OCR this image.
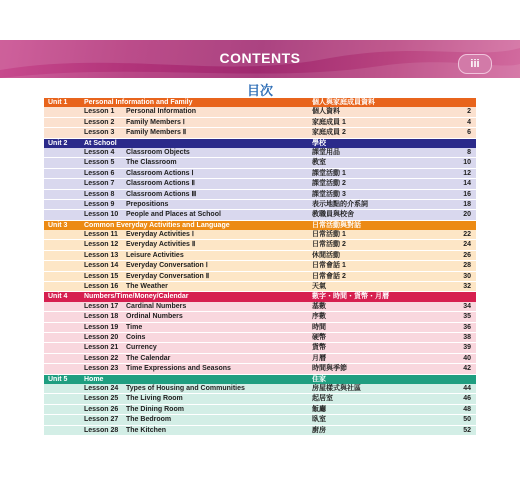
CONTENTS	iii
目次
Unit 1 Personal Information and Family	個人與家庭成員資料
Lesson 1 Personal Information	個人資料	2
Lesson 2 Family Members Ⅰ	家庭成員 1	4
Lesson 3 Family Members Ⅱ	家庭成員 2	6
Unit 2 At School	學校
Lesson 4 Classroom Objects	課堂用品	8
Lesson 5 The Classroom	教室	10
Lesson 6 Classroom Actions Ⅰ	課堂活動 1	12
Lesson 7 Classroom Actions Ⅱ	課堂活動 2	14
Lesson 8 Classroom Actions Ⅲ	課堂活動 3	16
Lesson 9 Prepositions	表示地點的介系詞	18
Lesson 10 People and Places at School	教職員與校舍	20
Unit 3 Common Everyday Activities and Language	日常活動與對話
Lesson 11 Everyday Activities Ⅰ	日常活動 1	22
Lesson 12 Everyday Activities Ⅱ	日常活動 2	24
Lesson 13 Leisure Activities	休閒活動	26
Lesson 14 Everyday Conversation Ⅰ	日常會話 1	28
Lesson 15 Everyday Conversation Ⅱ	日常會話 2	30
Lesson 16 The Weather	天氣	32
Unit 4 Numbers/Time/Money/Calendar	數字・時間・貨幣・月曆
Lesson 17 Cardinal Numbers	基數	34
Lesson 18 Ordinal Numbers	序數	35
Lesson 19 Time	時間	36
Lesson 20 Coins	硬幣	38
Lesson 21 Currency	貨幣	39
Lesson 22 The Calendar	月曆	40
Lesson 23 Time Expressions and Seasons	時間與季節	42
Unit 5 Home	住家
Lesson 24 Types of Housing and Communities	房屋樣式與社區	44
Lesson 25 The Living Room	起居室	46
Lesson 26 The Dining Room	飯廳	48
Lesson 27 The Bedroom	臥室	50
Lesson 28 The Kitchen	廚房	52
